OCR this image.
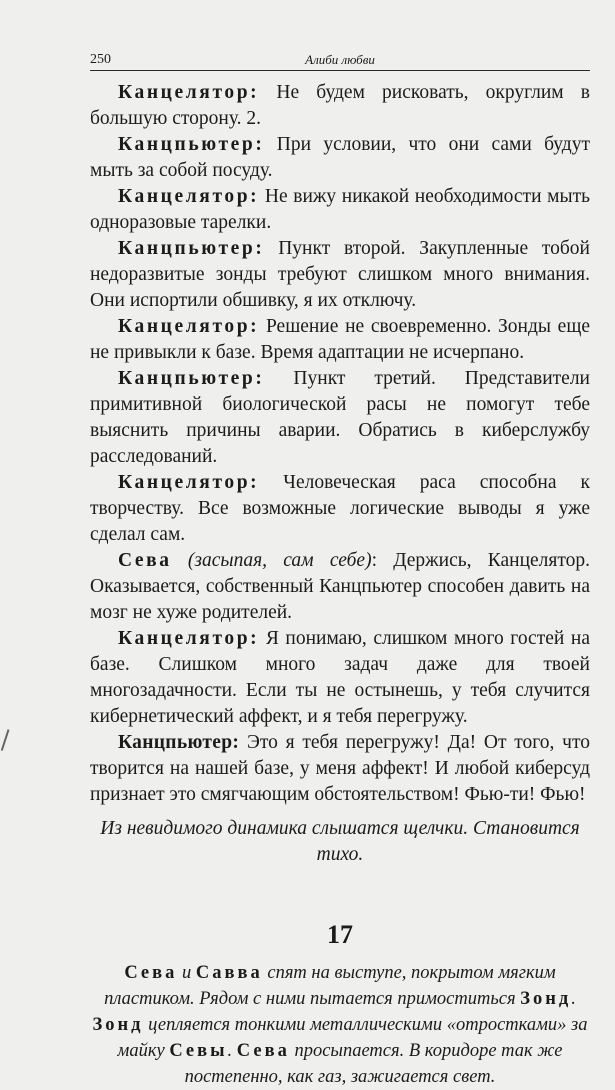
250	Алиби любви

Канцелятор: Не будем рисковать, округлим в большую сторону. 2.

Канцпьютер: При условии, что они сами будут мыть за собой посуду.

Канцелятор: Не вижу никакой необходимости мыть одноразовые тарелки.

Канцпьютер: Пункт второй. Закупленные тобой недоразвитые зонды требуют слишком много внимания. Они испортили обшивку, я их отключу.

Канцелятор: Решение не своевременно. Зонды еще не привыкли к базе. Время адаптации не исчерпано.

Канцпьютер: Пункт третий. Представители примитивной биологической расы не помогут тебе выяснить причины аварии. Обратись в киберслужбу расследований.

Канцелятор: Человеческая раса способна к творчеству. Все возможные логические выводы я уже сделал сам.

Сева (засыпая, сам себе): Держись, Канцелятор. Оказывается, собственный Канцпьютер способен давить на мозг не хуже родителей.

Канцелятор: Я понимаю, слишком много гостей на базе. Слишком много задач даже для твоей многозадачности. Если ты не остынешь, у тебя случится кибернетический аффект, и я тебя перегружу.

Канцпьютер: Это я тебя перегружу! Да! От того, что творится на нашей базе, у меня аффект! И любой киберсуд признает это смягчающим обстоятельством! Фью-ти! Фью!

Из невидимого динамика слышатся щелчки. Становится тихо.

17

Сева и Савва спят на выступе, покрытом мягким пластиком. Рядом с ними пытается примоститься Зонд.

Зонд цепляется тонкими металлическими «отростками» за майку Севы. Сева просыпается. В коридоре так же постепенно, как газ, зажигается свет.
